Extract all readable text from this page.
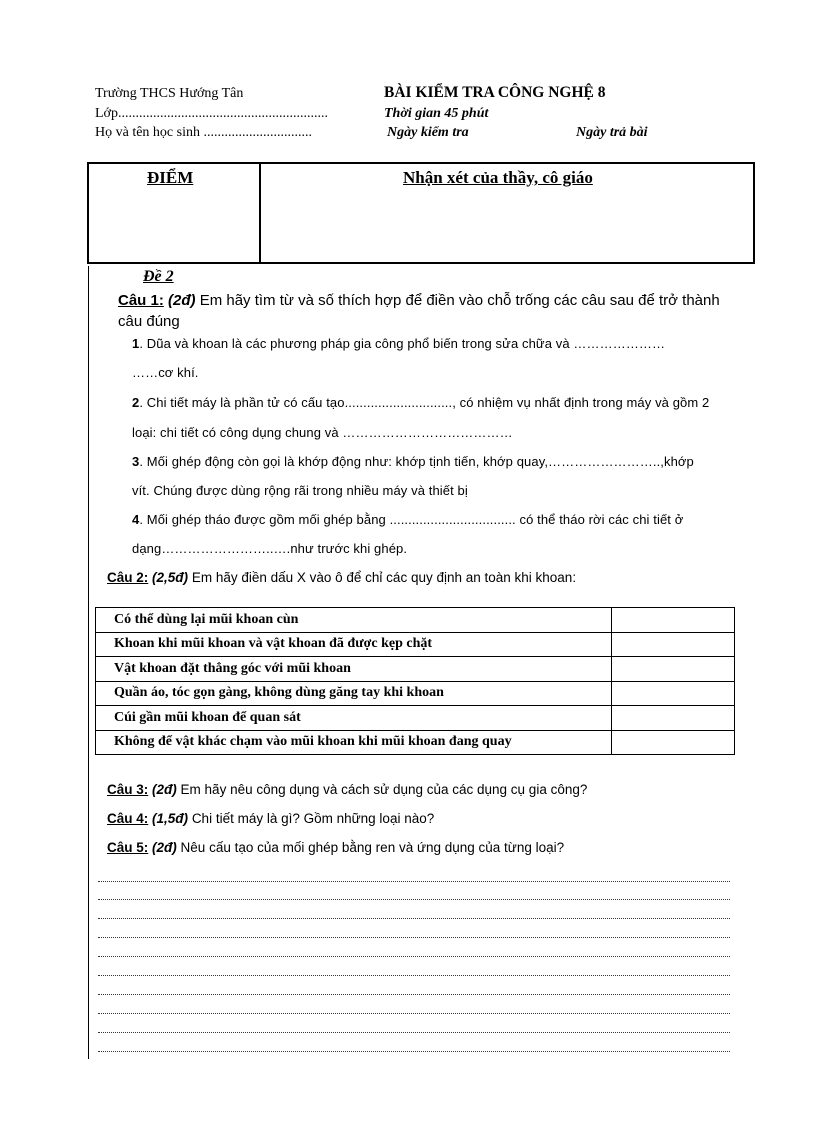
Trường THCS Hướng Tân
Lớp............................................................
Họ và tên học sinh ...............................
BÀI KIỂM TRA CÔNG NGHỆ 8
Thời gian 45 phút
Ngày kiểm tra	Ngày trả bài
ĐIỂM	Nhận xét của thầy, cô giáo
Đề 2
Câu 1: (2đ) Em hãy tìm từ và số thích hợp để điền vào chỗ trống các câu sau để trở thành
câu đúng
1. Dũa và khoan là các phương pháp gia công phổ biến trong sửa chữa và …………………
……cơ khí.
2. Chi tiết máy là phần tử có cấu tạo............................., có nhiệm vụ nhất định trong máy và gồm 2
loại: chi tiết có công dụng chung và …………………………………
3. Mối ghép động còn gọi là khớp động như: khớp tịnh tiến, khớp quay,……………………..,khớp
vít. Chúng được dùng rộng rãi trong nhiều máy và thiết bị
4. Mối ghép tháo được gồm mối ghép bằng .................................. có thể tháo rời các chi tiết ở
dạng……………………..….như trước khi ghép.
Câu 2: (2,5đ) Em hãy điền dấu X vào ô để chỉ các quy định an toàn khi khoan:
Có thể dùng lại mũi khoan cùn	
Khoan khi mũi khoan và vật khoan đã được kẹp chặt	
Vật khoan đặt thẳng góc với mũi khoan	
Quần áo, tóc gọn gàng, không dùng găng tay khi khoan	
Cúi gần mũi khoan để quan sát	
Không để vật khác chạm vào mũi khoan khi mũi khoan đang quay	
Câu 3: (2đ) Em hãy nêu công dụng và cách sử dụng của các dụng cụ gia công?
Câu 4: (1,5đ) Chi tiết máy là gì? Gồm những loại nào?
Câu 5: (2đ) Nêu cấu tạo của mối ghép bằng ren và ứng dụng của từng loại?
